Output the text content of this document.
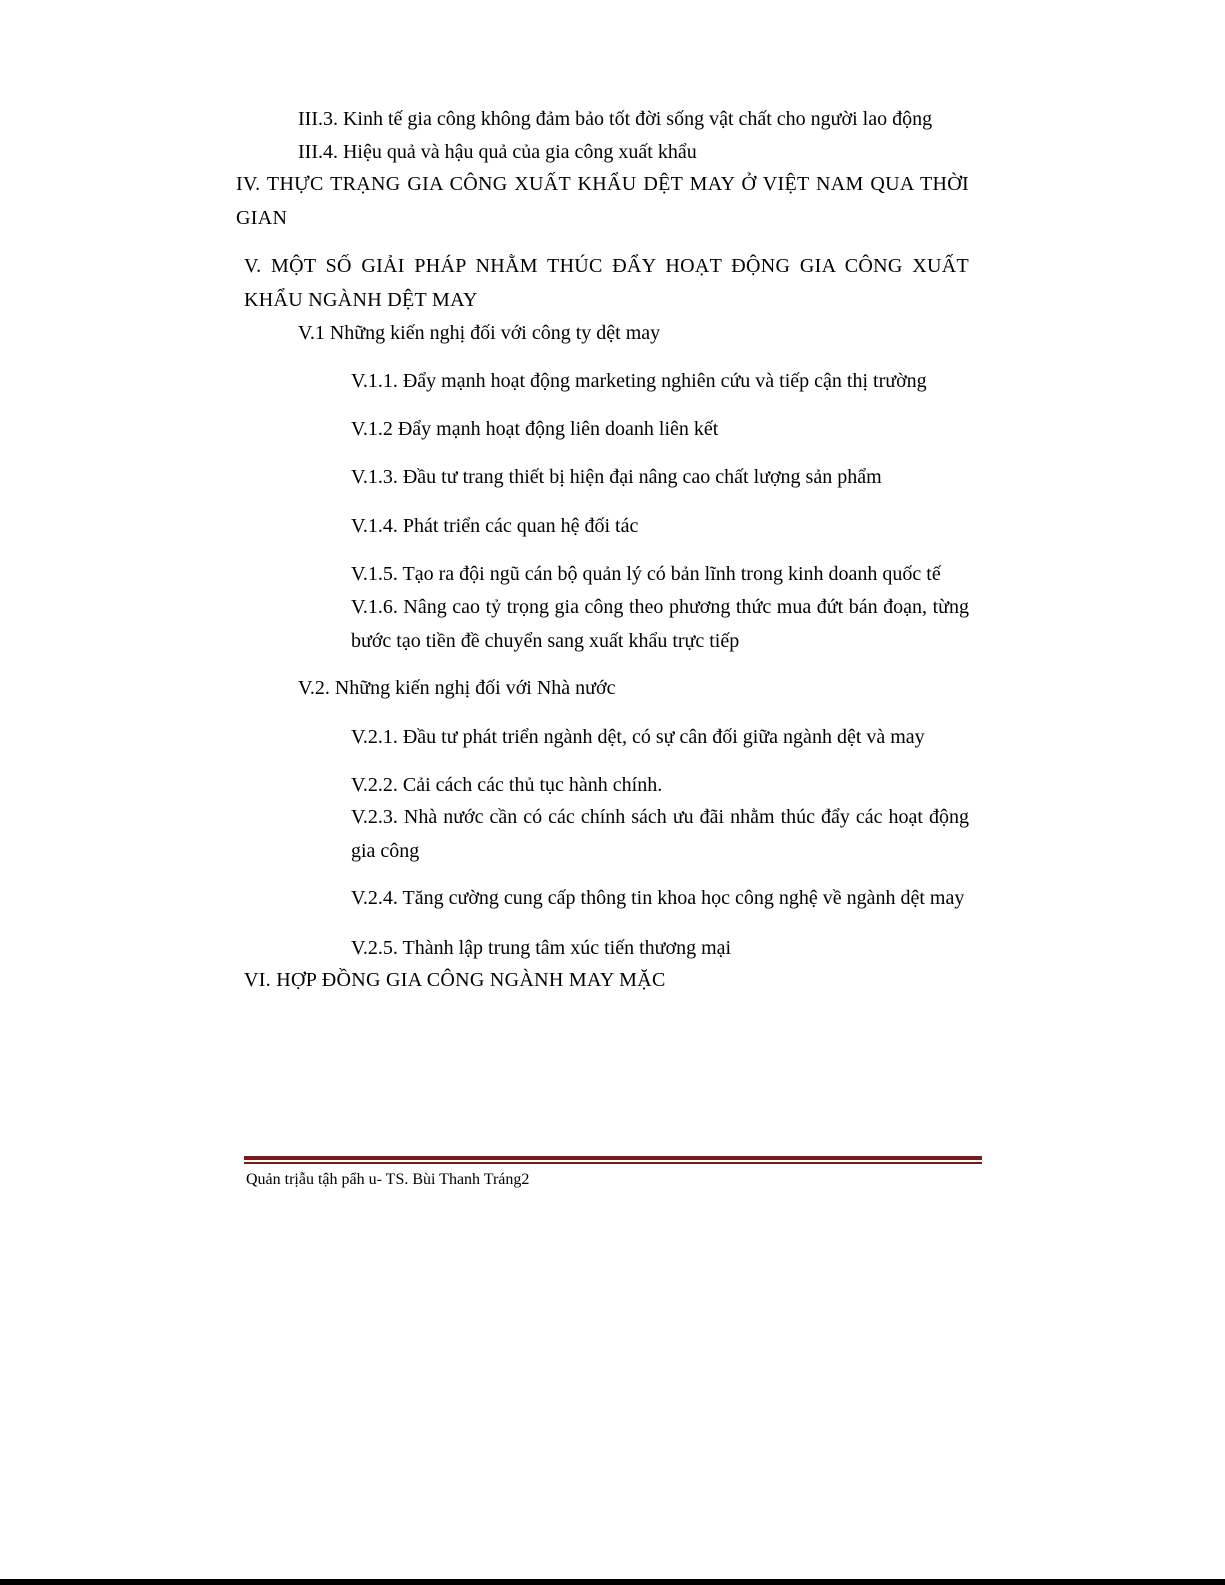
III.3. Kinh tế gia công không đảm bảo tốt đời sống vật chất cho người lao động
III.4. Hiệu quả và hậu quả của gia công xuất khẩu
IV. THỰC TRẠNG GIA CÔNG XUẤT KHẨU DỆT MAY Ở VIỆT NAM QUA THỜI GIAN
V. MỘT SỐ GIẢI PHÁP NHẰM THÚC ĐẨY HOẠT ĐỘNG GIA CÔNG XUẤT KHẨU NGÀNH DỆT MAY
V.1 Những kiến nghị đối với công ty dệt may
V.1.1. Đẩy mạnh hoạt động marketing nghiên cứu và tiếp cận thị trường
V.1.2 Đẩy mạnh hoạt động liên doanh liên kết
V.1.3. Đầu tư trang thiết bị hiện đại nâng cao chất lượng sản phẩm
V.1.4. Phát triển các quan hệ đối tác
V.1.5. Tạo ra đội ngũ cán bộ quản lý có bản lĩnh trong kinh doanh quốc tế
V.1.6. Nâng cao tỷ trọng gia công theo phương thức mua đứt bán đoạn, từng bước tạo tiền đề chuyển sang xuất khẩu trực tiếp
V.2. Những kiến nghị đối với Nhà nước
V.2.1. Đầu tư phát triển ngành dệt, có sự cân đối giữa ngành dệt và may
V.2.2. Cải cách các thủ tục hành chính.
V.2.3. Nhà nước cần có các chính sách ưu đãi nhằm thúc đẩy các hoạt động gia công
V.2.4. Tăng cường cung cấp thông tin khoa học công nghệ về ngành dệt may
V.2.5. Thành lập trung tâm xúc tiến thương mại
VI. HỢP ĐỒNG GIA CÔNG NGÀNH MAY MẶC
Quản trịẫu tậh pẩh u- TS. Bùi Thanh Tráng2
